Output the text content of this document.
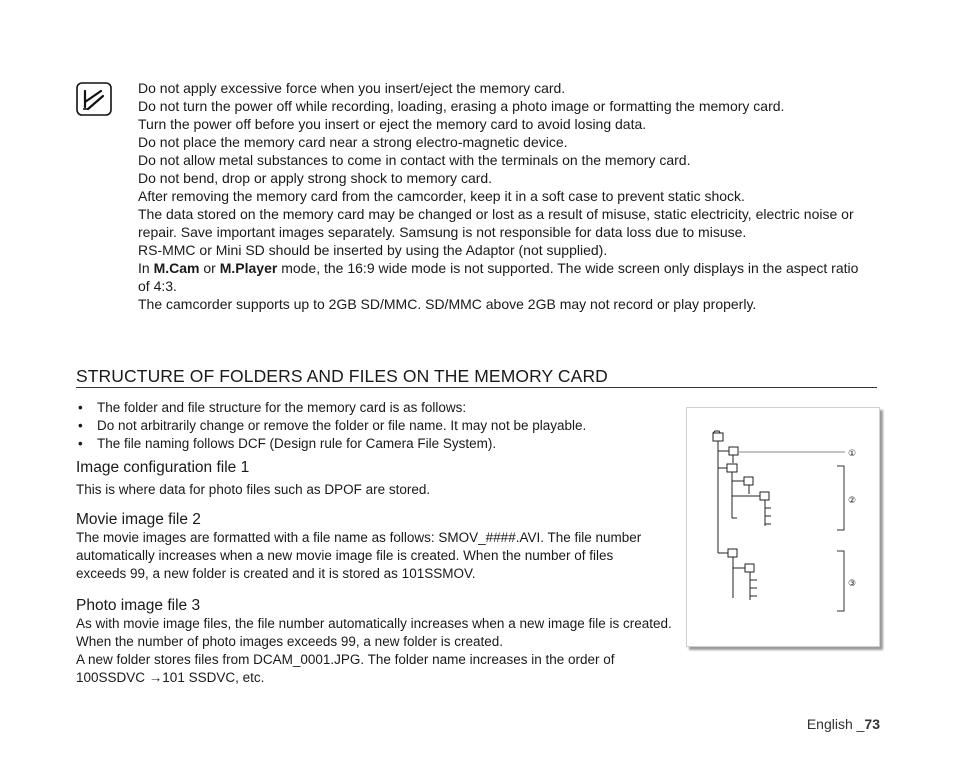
Do not apply excessive force when you insert/eject the memory card.

Do not turn the power off while recording, loading, erasing a photo image or formatting the memory card.

Turn the power off before you insert or eject the memory card to avoid losing data.

Do not place the memory card near a strong electro-magnetic device.

Do not allow metal substances to come in contact with the terminals on the memory card.

Do not bend, drop or apply strong shock to memory card.

After removing the memory card from the camcorder, keep it in a soft case to prevent static shock.

The data stored on the memory card may be changed or lost as a result of misuse, static electricity, electric noise or repair. Save important images separately. Samsung is not responsible for data loss due to misuse.

RS-MMC or Mini SD should be inserted by using the Adaptor (not supplied).

In M.Cam or M.Player mode, the 16:9 wide mode is not supported. The wide screen only displays in the aspect ratio of 4:3.

The camcorder supports up to 2GB SD/MMC. SD/MMC above 2GB may not record or play properly.

STRUCTURE OF FOLDERS AND FILES ON THE MEMORY CARD
• The folder and file structure for the memory card is as follows:
• Do not arbitrarily change or remove the folder or file name. It may not be playable.
• The file naming follows DCF (Design rule for Camera File System).
Image configuration file 1
This is where data for photo files such as DPOF are stored.
Movie image file 2
The movie images are formatted with a file name as follows: SMOV_####.AVI. The file number automatically increases when a new movie image file is created. When the number of files exceeds 99, a new folder is created and it is stored as 101SSMOV.
Photo image file 3

As with movie image files, the file number automatically increases when a new image file is created. When the number of photo images exceeds 99, a new folder is created.

A new folder stores files from DCAM_0001.JPG. The folder name increases in the order of 100SSDVC →101 SSDVC, etc.

①
②
③
English _73
